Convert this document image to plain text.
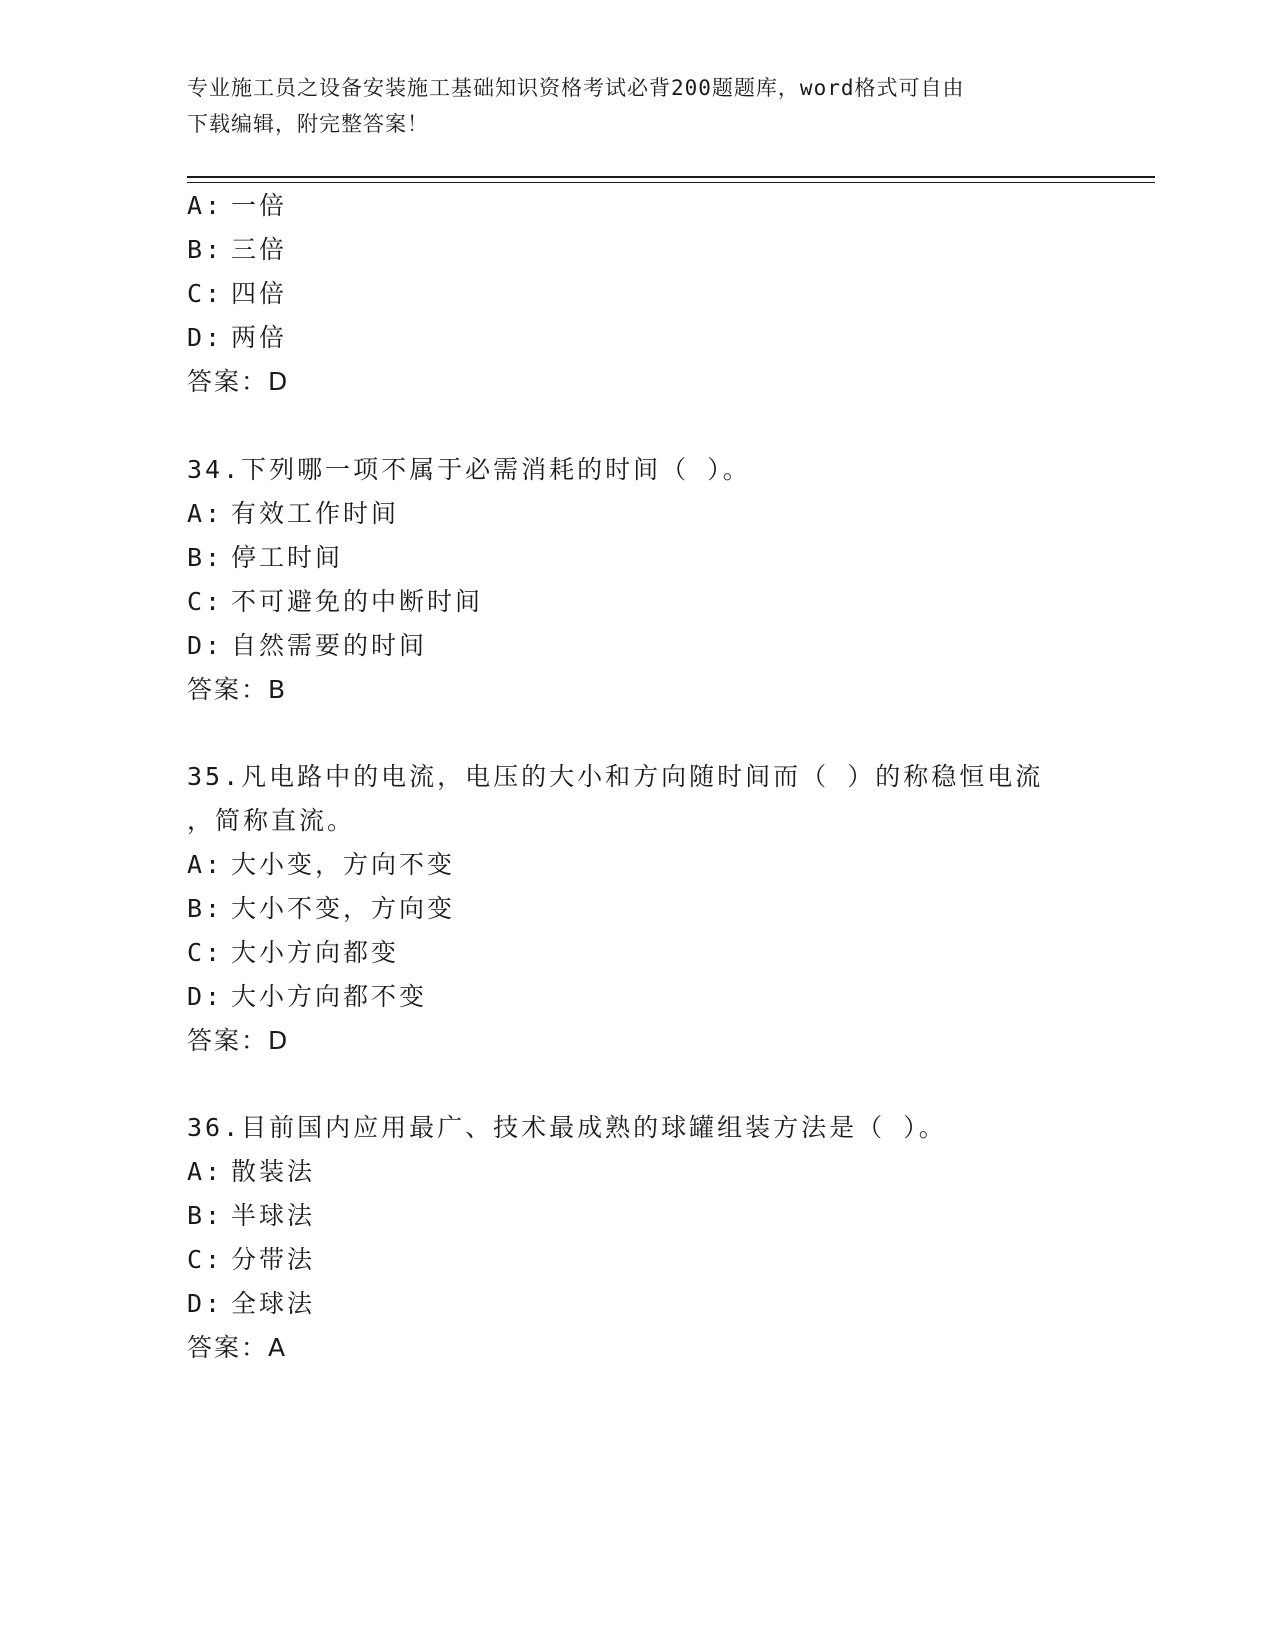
专业施工员之设备安装施工基础知识资格考试必背200题题库，word格式可自由
下载编辑，附完整答案！
A: 一倍
B: 三倍
C: 四倍
D: 两倍
答案：D
34.下列哪一项不属于必需消耗的时间（ ）。
A: 有效工作时间
B: 停工时间
C: 不可避免的中断时间
D: 自然需要的时间
答案：B
35.凡电路中的电流，电压的大小和方向随时间而（ ）的称稳恒电流
，简称直流。
A: 大小变，方向不变
B: 大小不变，方向变
C: 大小方向都变
D: 大小方向都不变
答案：D
36.目前国内应用最广、技术最成熟的球罐组装方法是（ ）。
A: 散装法
B: 半球法
C: 分带法
D: 全球法
答案：A
